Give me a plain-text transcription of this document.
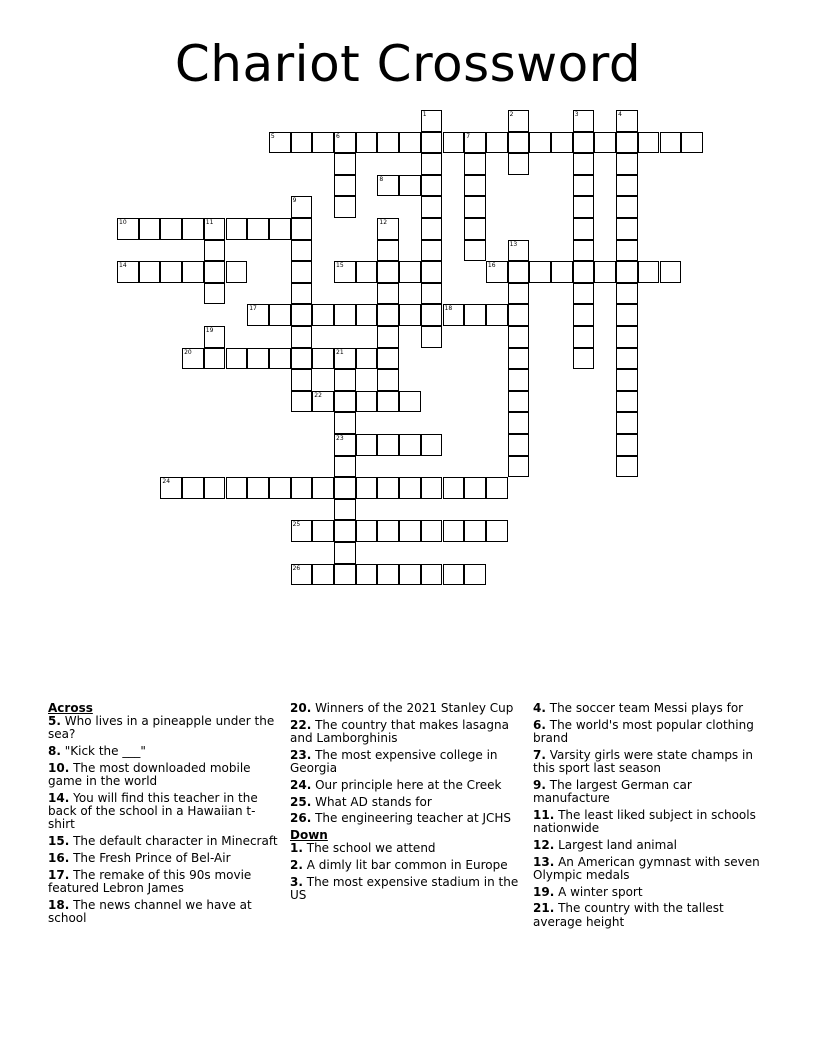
Chariot Crossword
5	6	7
8
10	11
14	15	16
17	18
20	21
22
23
24
25
26
1	2	3	4
9
12
13
19

Across

5. Who lives in a pineapple under the sea?

8. "Kick the ___"

10. The most downloaded mobile game in the world

14. You will find this teacher in the back of the school in a Hawaiian t-shirt

15. The default character in Minecraft

16. The Fresh Prince of Bel-Air

17. The remake of this 90s movie featured Lebron James

18. The news channel we have at school

20. Winners of the 2021 Stanley Cup

22. The country that makes lasagna and Lamborghinis

23. The most expensive college in Georgia

24. Our principle here at the Creek

25. What AD stands for

26. The engineering teacher at JCHS

Down

1. The school we attend

2. A dimly lit bar common in Europe

3. The most expensive stadium in the US

4. The soccer team Messi plays for

6. The world's most popular clothing brand

7. Varsity girls were state champs in this sport last season

9. The largest German car manufacture

11. The least liked subject in schools nationwide

12. Largest land animal

13. An American gymnast with seven Olympic medals

19. A winter sport

21. The country with the tallest average height
